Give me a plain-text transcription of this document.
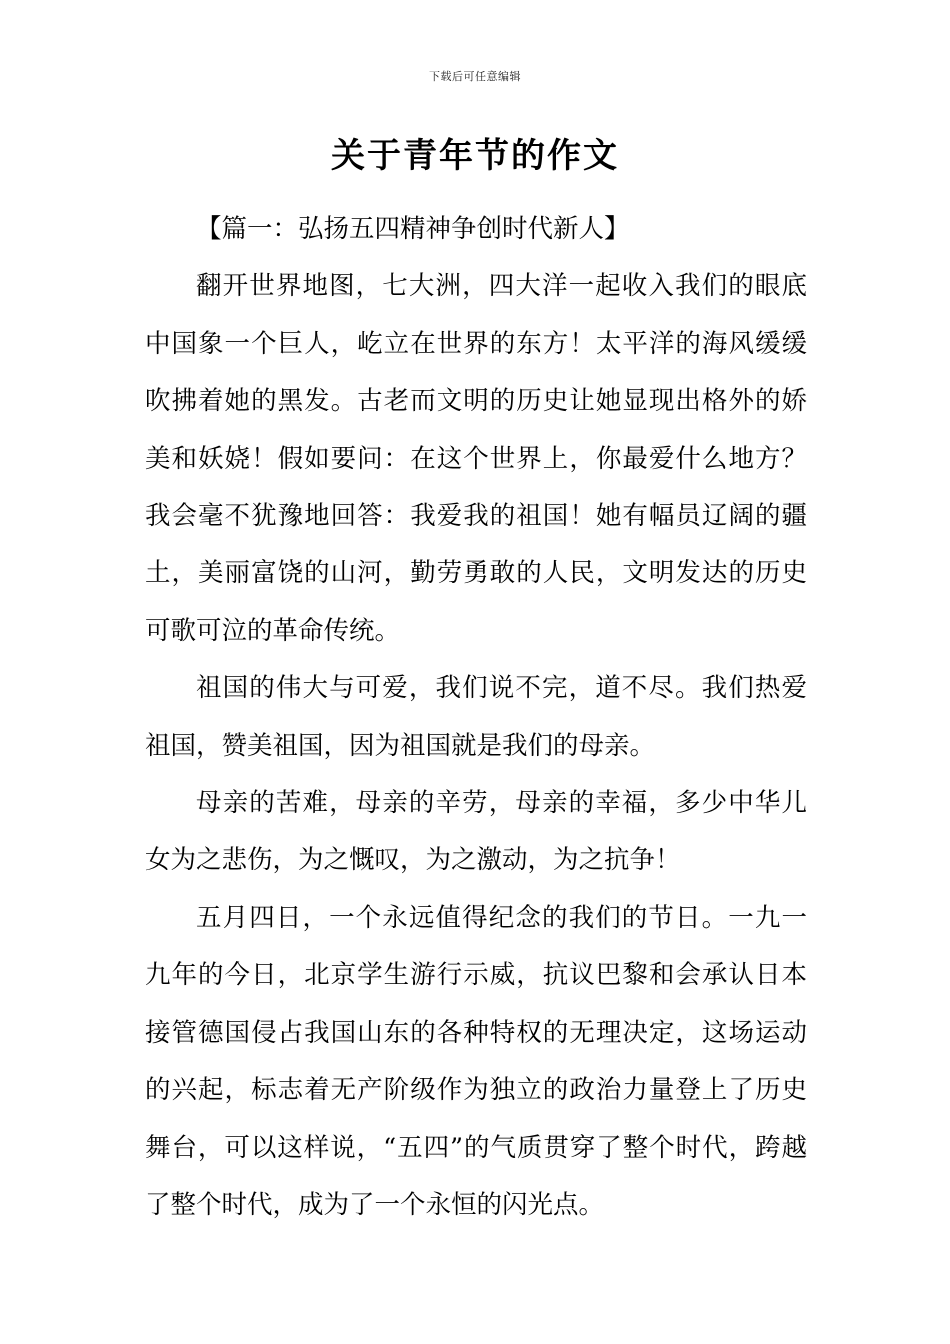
下载后可任意编辑
关于青年节的作文

【篇一：弘扬五四精神争创时代新人】

翻开世界地图，七大洲，四大洋一起收入我们的眼底中国象一个巨人，屹立在世界的东方！太平洋的海风缓缓吹拂着她的黑发。古老而文明的历史让她显现出格外的娇美和妖娆！假如要问：在这个世界上，你最爱什么地方？我会毫不犹豫地回答：我爱我的祖国！她有幅员辽阔的疆土，美丽富饶的山河，勤劳勇敢的人民，文明发达的历史可歌可泣的革命传统。

祖国的伟大与可爱，我们说不完，道不尽。我们热爱祖国，赞美祖国，因为祖国就是我们的母亲。

母亲的苦难，母亲的辛劳，母亲的幸福，多少中华儿女为之悲伤，为之慨叹，为之激动，为之抗争！

五月四日，一个永远值得纪念的我们的节日。一九一九年的今日，北京学生游行示威，抗议巴黎和会承认日本接管德国侵占我国山东的各种特权的无理决定，这场运动的兴起，标志着无产阶级作为独立的政治力量登上了历史舞台，可以这样说，“五四”的气质贯穿了整个时代，跨越了整个时代，成为了一个永恒的闪光点。
